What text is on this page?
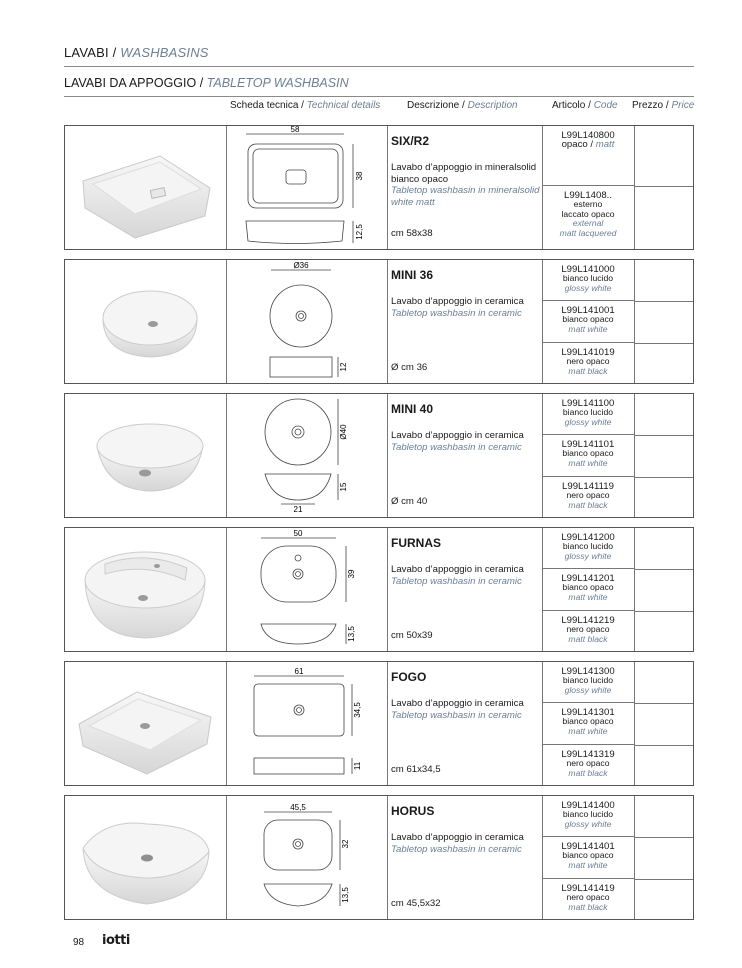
LAVABI / WASHBASINS
LAVABI DA APPOGGIO / TABLETOP WASHBASIN
Scheda tecnica / Technical details	Descrizione / Description	Articolo / Code Prezzo / Price
58
38
12,5
SIX/R2
Lavabo d’appoggio in mineralsolid bianco opaco
Tabletop washbasin in mineralsolid white matt
cm 58x38
L99L140800
opaco / matt
L99L1408..
esterno
laccato opaco
external
matt lacquered
Ø36
12
MINI 36
Lavabo d’appoggio in ceramica
Tabletop washbasin in ceramic
Ø cm 36
L99L141000
bianco lucido
glossy white
L99L141001
bianco opaco
matt white
L99L141019
nero opaco
matt black
Ø40
15
21
MINI 40
Lavabo d’appoggio in ceramica
Tabletop washbasin in ceramic
Ø cm 40
L99L141100
bianco lucido
glossy white
L99L141101
bianco opaco
matt white
L99L141119
nero opaco
matt black
50
39
13,5
FURNAS
Lavabo d’appoggio in ceramica
Tabletop washbasin in ceramic
cm 50x39
L99L141200
bianco lucido
glossy white
L99L141201
bianco opaco
matt white
L99L141219
nero opaco
matt black
61
34,5
11
FOGO
Lavabo d’appoggio in ceramica
Tabletop washbasin in ceramic
cm 61x34,5
L99L141300
bianco lucido
glossy white
L99L141301
bianco opaco
matt white
L99L141319
nero opaco
matt black
45,5
32
13,5
HORUS
Lavabo d’appoggio in ceramica
Tabletop washbasin in ceramic
cm 45,5x32
L99L141400
bianco lucido
glossy white
L99L141401
bianco opaco
matt white
L99L141419
nero opaco
matt black
98 iotti
